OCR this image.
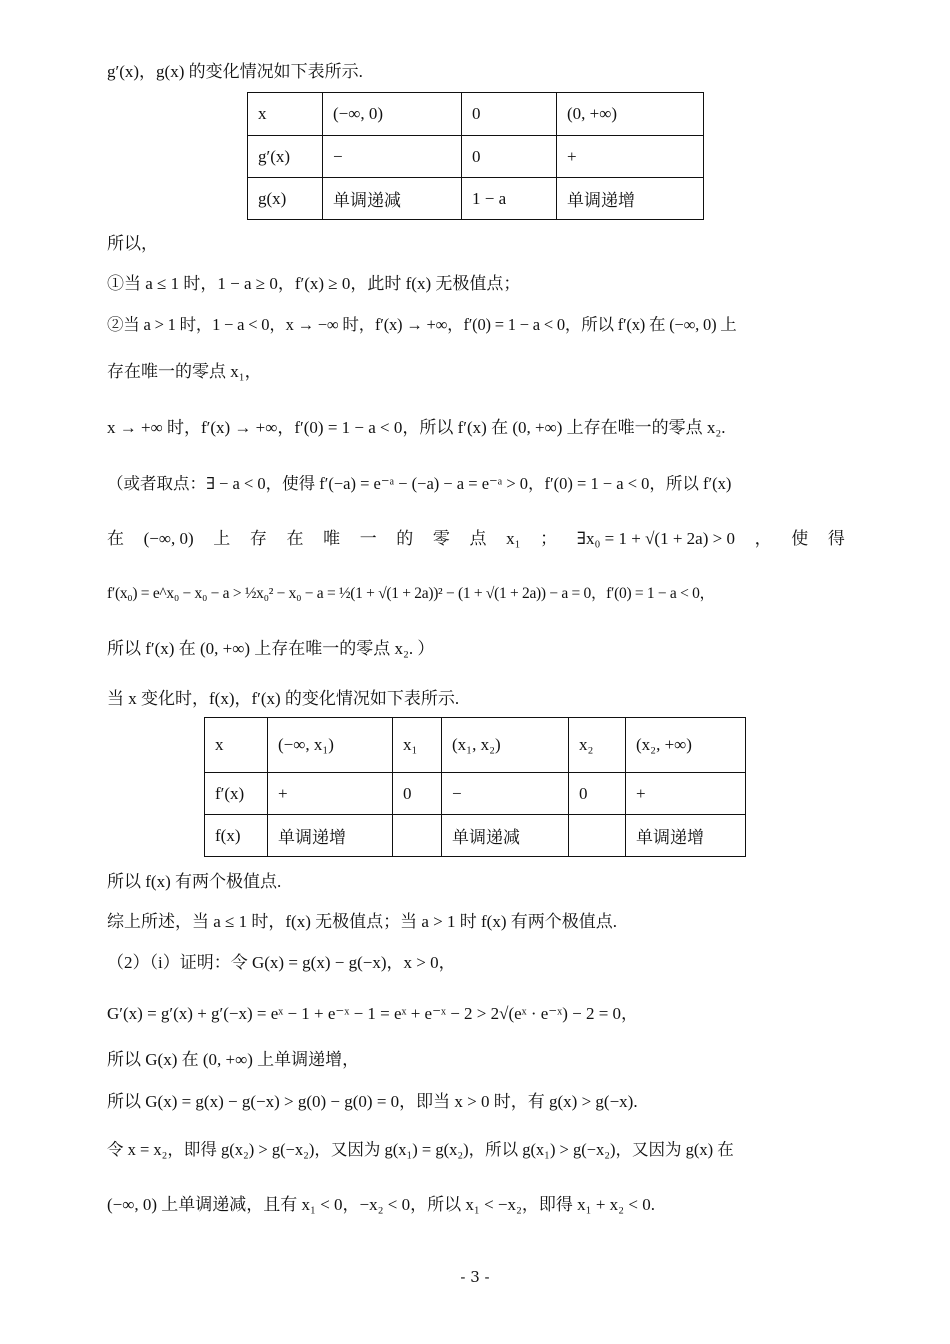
g′(x)，g(x) 的变化情况如下表所示.
x	(−∞, 0)	0	(0, +∞)
g′(x)	−	0	+
g(x)	单调递减	1 − a	单调递增
所以，
①当 a ≤ 1 时，1 − a ≥ 0，f′(x) ≥ 0，此时 f(x) 无极值点；
②当 a > 1 时，1 − a < 0，x → −∞ 时，f′(x) → +∞，f′(0) = 1 − a < 0，所以 f′(x) 在 (−∞, 0) 上
存在唯一的零点 x₁，
x → +∞ 时，f′(x) → +∞，f′(0) = 1 − a < 0，所以 f′(x) 在 (0, +∞) 上存在唯一的零点 x₂.
（或者取点：∃ − a < 0，使得 f′(−a) = e⁻ᵃ − (−a) − a = e⁻ᵃ > 0，f′(0) = 1 − a < 0，所以 f′(x)
在 (−∞, 0) 上 存 在 唯 一 的 零 点 x₁ ； ∃x₀ = 1 + √(1 + 2a) > 0 ， 使 得
f′(x₀) = e^x₀ − x₀ − a > ½x₀² − x₀ − a = ½(1 + √(1 + 2a))² − (1 + √(1 + 2a)) − a = 0，f′(0) = 1 − a < 0，
所以 f′(x) 在 (0, +∞) 上存在唯一的零点 x₂. ）
当 x 变化时，f(x)，f′(x) 的变化情况如下表所示.
x	(−∞, x₁)	x₁	(x₁, x₂)	x₂	(x₂, +∞)
f′(x)	+	0	−	0	+
f(x)	单调递增		单调递减		单调递增
所以 f(x) 有两个极值点.
综上所述，当 a ≤ 1 时，f(x) 无极值点；当 a > 1 时 f(x) 有两个极值点.
（2）（i）证明：令 G(x) = g(x) − g(−x)，x > 0，
G′(x) = g′(x) + g′(−x) = eˣ − 1 + e⁻ˣ − 1 = eˣ + e⁻ˣ − 2 > 2√(eˣ · e⁻ˣ) − 2 = 0，
所以 G(x) 在 (0, +∞) 上单调递增，
所以 G(x) = g(x) − g(−x) > g(0) − g(0) = 0，即当 x > 0 时，有 g(x) > g(−x).
令 x = x₂，即得 g(x₂) > g(−x₂)，又因为 g(x₁) = g(x₂)，所以 g(x₁) > g(−x₂)，又因为 g(x) 在
(−∞, 0) 上单调递减，且有 x₁ < 0，−x₂ < 0，所以 x₁ < −x₂，即得 x₁ + x₂ < 0.
- 3 -
